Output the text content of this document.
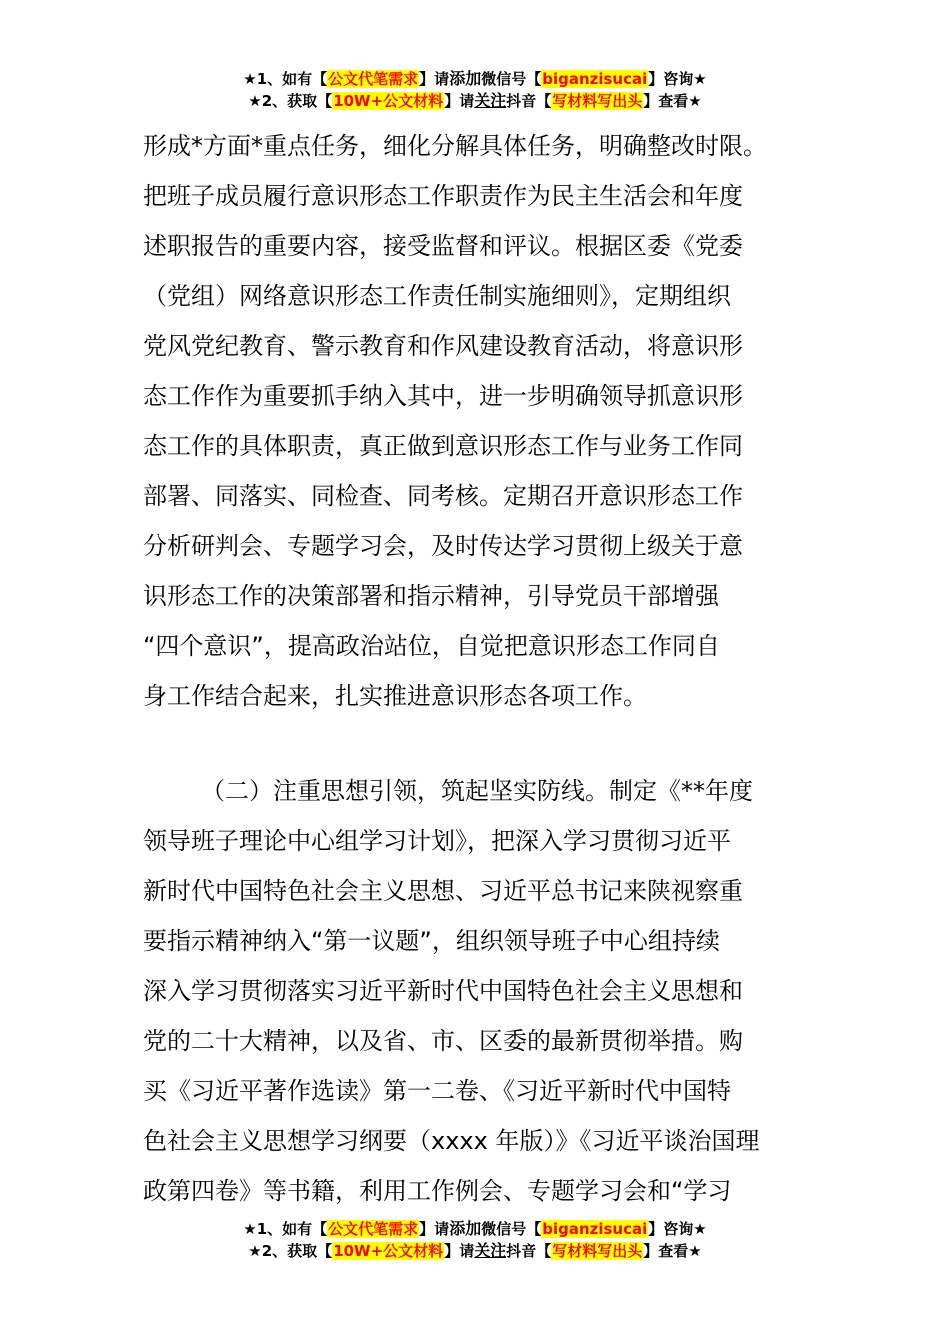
★1、如有【公文代笔需求】请添加微信号【biganzisucai】咨询★
★2、获取【10W+公文材料】请关注抖音【写材料写出头】查看★
形成*方面*重点任务，细化分解具体任务，明确整改时限。
把班子成员履行意识形态工作职责作为民主生活会和年度
述职报告的重要内容，接受监督和评议。根据区委《党委
（党组）网络意识形态工作责任制实施细则》，定期组织
党风党纪教育、警示教育和作风建设教育活动，将意识形
态工作作为重要抓手纳入其中，进一步明确领导抓意识形
态工作的具体职责，真正做到意识形态工作与业务工作同
部署、同落实、同检查、同考核。定期召开意识形态工作
分析研判会、专题学习会，及时传达学习贯彻上级关于意
识形态工作的决策部署和指示精神，引导党员干部增强
“四个意识”，提高政治站位，自觉把意识形态工作同自
身工作结合起来，扎实推进意识形态各项工作。
（二）注重思想引领，筑起坚实防线。制定《**年度
领导班子理论中心组学习计划》，把深入学习贯彻习近平
新时代中国特色社会主义思想、习近平总书记来陕视察重
要指示精神纳入“第一议题”，组织领导班子中心组持续
深入学习贯彻落实习近平新时代中国特色社会主义思想和
党的二十大精神，以及省、市、区委的最新贯彻举措。购
买《习近平著作选读》第一二卷、《习近平新时代中国特
色社会主义思想学习纲要（xxxx 年版）》《习近平谈治国理
政第四卷》等书籍，利用工作例会、专题学习会和“学习
★1、如有【公文代笔需求】请添加微信号【biganzisucai】咨询★
★2、获取【10W+公文材料】请关注抖音【写材料写出头】查看★
